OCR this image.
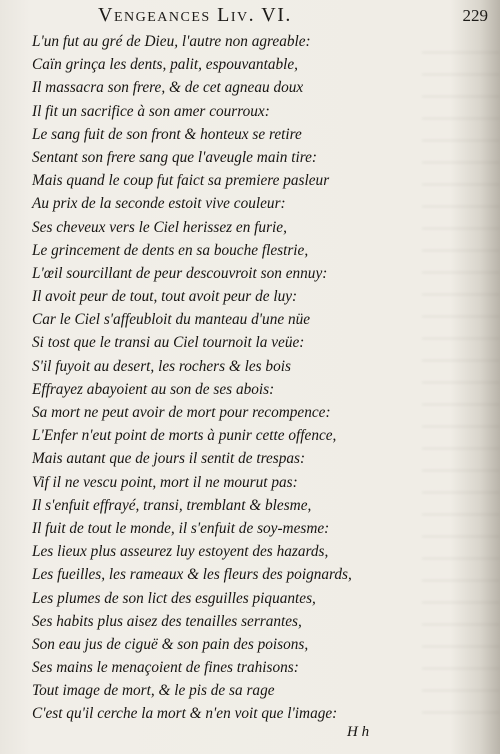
Vengeances Liv. VI.	229
L'un fut au gré de Dieu, l'autre non agreable:
Caïn grinça les dents, palit, espouvantable,
Il massacra son frere, & de cet agneau doux
Il fit un sacrifice à son amer courroux:
Le sang fuit de son front & honteux se retire
Sentant son frere sang que l'aveugle main tire:
Mais quand le coup fut faict sa premiere pasleur
Au prix de la seconde estoit vive couleur:
Ses cheveux vers le Ciel herissez en furie,
Le grincement de dents en sa bouche flestrie,
L'œil sourcillant de peur descouvroit son ennuy:
Il avoit peur de tout, tout avoit peur de luy:
Car le Ciel s'affeubloit du manteau d'une nüe
Si tost que le transi au Ciel tournoit la veüe:
S'il fuyoit au desert, les rochers & les bois
Effrayez abayoient au son de ses abois:
Sa mort ne peut avoir de mort pour recompence:
L'Enfer n'eut point de morts à punir cette offence,
Mais autant que de jours il sentit de trespas:
Vif il ne vescu point, mort il ne mourut pas:
Il s'enfuit effrayé, transi, tremblant & blesme,
Il fuit de tout le monde, il s'enfuit de soy-mesme:
Les lieux plus asseurez luy estoyent des hazards,
Les fueilles, les rameaux & les fleurs des poignards,
Les plumes de son lict des esguilles piquantes,
Ses habits plus aisez des tenailles serrantes,
Son eau jus de ciguë & son pain des poisons,
Ses mains le menaçoient de fines trahisons:
Tout image de mort, & le pis de sa rage
C'est qu'il cerche la mort & n'en voit que l'image:
H h
